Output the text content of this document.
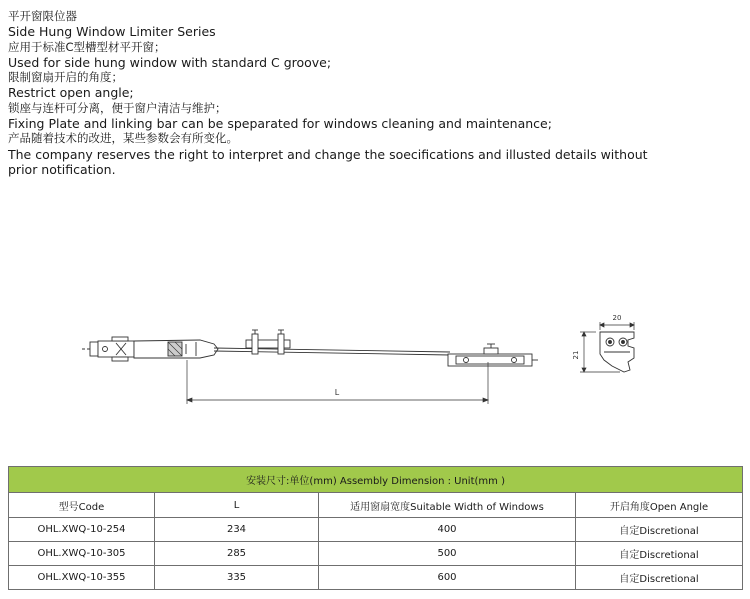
平开窗限位器
Side Hung Window Limiter Series
应用于标准C型槽型材平开窗；
Used for side hung window with standard C groove;
限制窗扇开启的角度；
Restrict open angle;
锁座与连杆可分离，便于窗户清洁与维护；
Fixing Plate and linking bar can be speparated for windows cleaning and maintenance;
产品随着技术的改进，某些参数会有所变化。
The company reserves the right to interpret and change the soecifications and illusted details without
prior notification.
L
20
21
安装尺寸:单位(mm) Assembly Dimension : Unit(mm )			
型号Code	L	适用窗扇宽度Suitable Width of Windows	开启角度Open Angle
OHL.XWQ-10-254	234	400	自定Discretional
OHL.XWQ-10-305	285	500	自定Discretional
OHL.XWQ-10-355	335	600	自定Discretional
